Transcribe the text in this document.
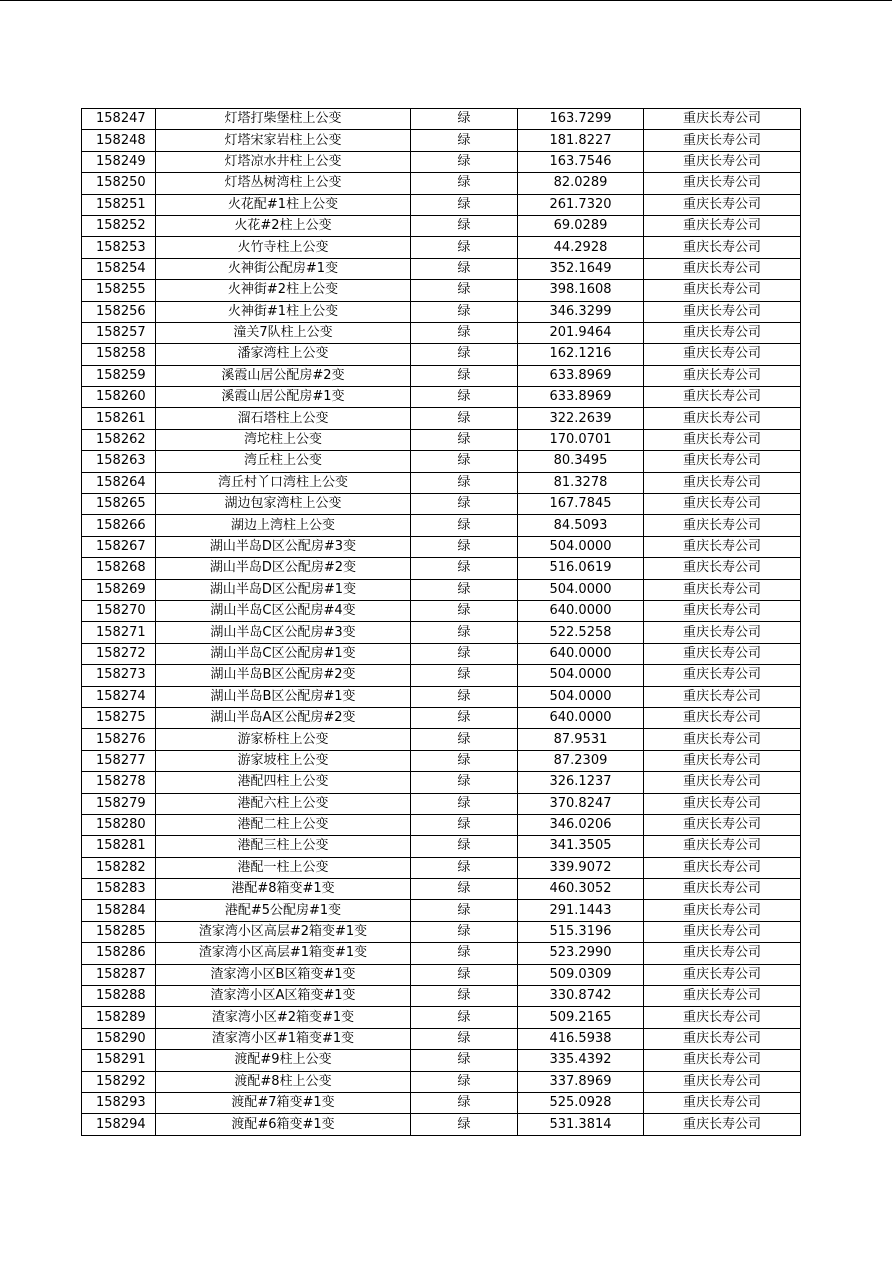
158247	灯塔打柴堡柱上公变	绿	163.7299	重庆长寿公司
158248	灯塔宋家岩柱上公变	绿	181.8227	重庆长寿公司
158249	灯塔凉水井柱上公变	绿	163.7546	重庆长寿公司
158250	灯塔丛树湾柱上公变	绿	82.0289	重庆长寿公司
158251	火花配#1柱上公变	绿	261.7320	重庆长寿公司
158252	火花#2柱上公变	绿	69.0289	重庆长寿公司
158253	火竹寺柱上公变	绿	44.2928	重庆长寿公司
158254	火神街公配房#1变	绿	352.1649	重庆长寿公司
158255	火神街#2柱上公变	绿	398.1608	重庆长寿公司
158256	火神街#1柱上公变	绿	346.3299	重庆长寿公司
158257	潼关7队柱上公变	绿	201.9464	重庆长寿公司
158258	潘家湾柱上公变	绿	162.1216	重庆长寿公司
158259	溪霞山居公配房#2变	绿	633.8969	重庆长寿公司
158260	溪霞山居公配房#1变	绿	633.8969	重庆长寿公司
158261	溜石塔柱上公变	绿	322.2639	重庆长寿公司
158262	湾坨柱上公变	绿	170.0701	重庆长寿公司
158263	湾丘柱上公变	绿	80.3495	重庆长寿公司
158264	湾丘村丫口湾柱上公变	绿	81.3278	重庆长寿公司
158265	湖边包家湾柱上公变	绿	167.7845	重庆长寿公司
158266	湖边上湾柱上公变	绿	84.5093	重庆长寿公司
158267	湖山半岛D区公配房#3变	绿	504.0000	重庆长寿公司
158268	湖山半岛D区公配房#2变	绿	516.0619	重庆长寿公司
158269	湖山半岛D区公配房#1变	绿	504.0000	重庆长寿公司
158270	湖山半岛C区公配房#4变	绿	640.0000	重庆长寿公司
158271	湖山半岛C区公配房#3变	绿	522.5258	重庆长寿公司
158272	湖山半岛C区公配房#1变	绿	640.0000	重庆长寿公司
158273	湖山半岛B区公配房#2变	绿	504.0000	重庆长寿公司
158274	湖山半岛B区公配房#1变	绿	504.0000	重庆长寿公司
158275	湖山半岛A区公配房#2变	绿	640.0000	重庆长寿公司
158276	游家桥柱上公变	绿	87.9531	重庆长寿公司
158277	游家坡柱上公变	绿	87.2309	重庆长寿公司
158278	港配四柱上公变	绿	326.1237	重庆长寿公司
158279	港配六柱上公变	绿	370.8247	重庆长寿公司
158280	港配二柱上公变	绿	346.0206	重庆长寿公司
158281	港配三柱上公变	绿	341.3505	重庆长寿公司
158282	港配一柱上公变	绿	339.9072	重庆长寿公司
158283	港配#8箱变#1变	绿	460.3052	重庆长寿公司
158284	港配#5公配房#1变	绿	291.1443	重庆长寿公司
158285	渣家湾小区高层#2箱变#1变	绿	515.3196	重庆长寿公司
158286	渣家湾小区高层#1箱变#1变	绿	523.2990	重庆长寿公司
158287	渣家湾小区B区箱变#1变	绿	509.0309	重庆长寿公司
158288	渣家湾小区A区箱变#1变	绿	330.8742	重庆长寿公司
158289	渣家湾小区#2箱变#1变	绿	509.2165	重庆长寿公司
158290	渣家湾小区#1箱变#1变	绿	416.5938	重庆长寿公司
158291	渡配#9柱上公变	绿	335.4392	重庆长寿公司
158292	渡配#8柱上公变	绿	337.8969	重庆长寿公司
158293	渡配#7箱变#1变	绿	525.0928	重庆长寿公司
158294	渡配#6箱变#1变	绿	531.3814	重庆长寿公司
